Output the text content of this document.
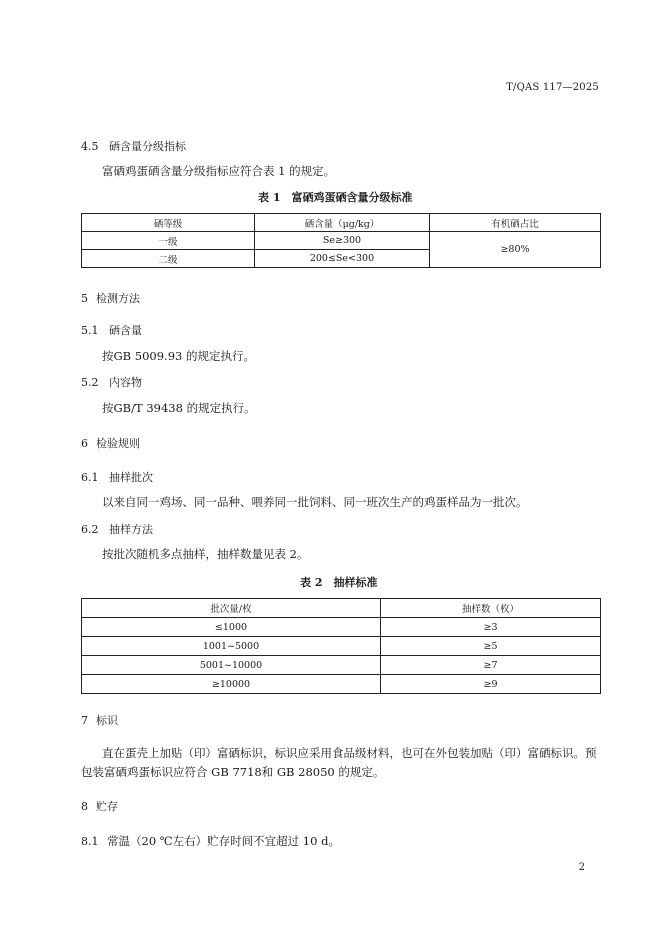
T/QAS 117—2025
4.5 硒含量分级指标
富硒鸡蛋硒含量分级指标应符合表 1 的规定。
表 1　富硒鸡蛋硒含量分级标准
硒等级	硒含量（μg/kg）	有机硒占比
一级	Se≥300	≥80%
二级	200≤Se<300	
5 检测方法
5.1 硒含量
按GB 5009.93 的规定执行。
5.2 内容物
按GB/T 39438 的规定执行。
6 检验规则
6.1 抽样批次
以来自同一鸡场、同一品种、喂养同一批饲料、同一班次生产的鸡蛋样品为一批次。
6.2 抽样方法
按批次随机多点抽样，抽样数量见表 2。
表 2　抽样标准
批次量/枚	抽样数（枚）
≤1000	≥3
1001~5000	≥5
5001~10000	≥7
≥10000	≥9
7 标识
直在蛋壳上加贴（印）富硒标识，标识应采用食品级材料，也可在外包装加贴（印）富硒标识。预
包装富硒鸡蛋标识应符合 GB 7718和 GB 28050 的规定。
8 贮存
8.1 常温（20 ℃左右）贮存时间不宜超过 10 d。
2
